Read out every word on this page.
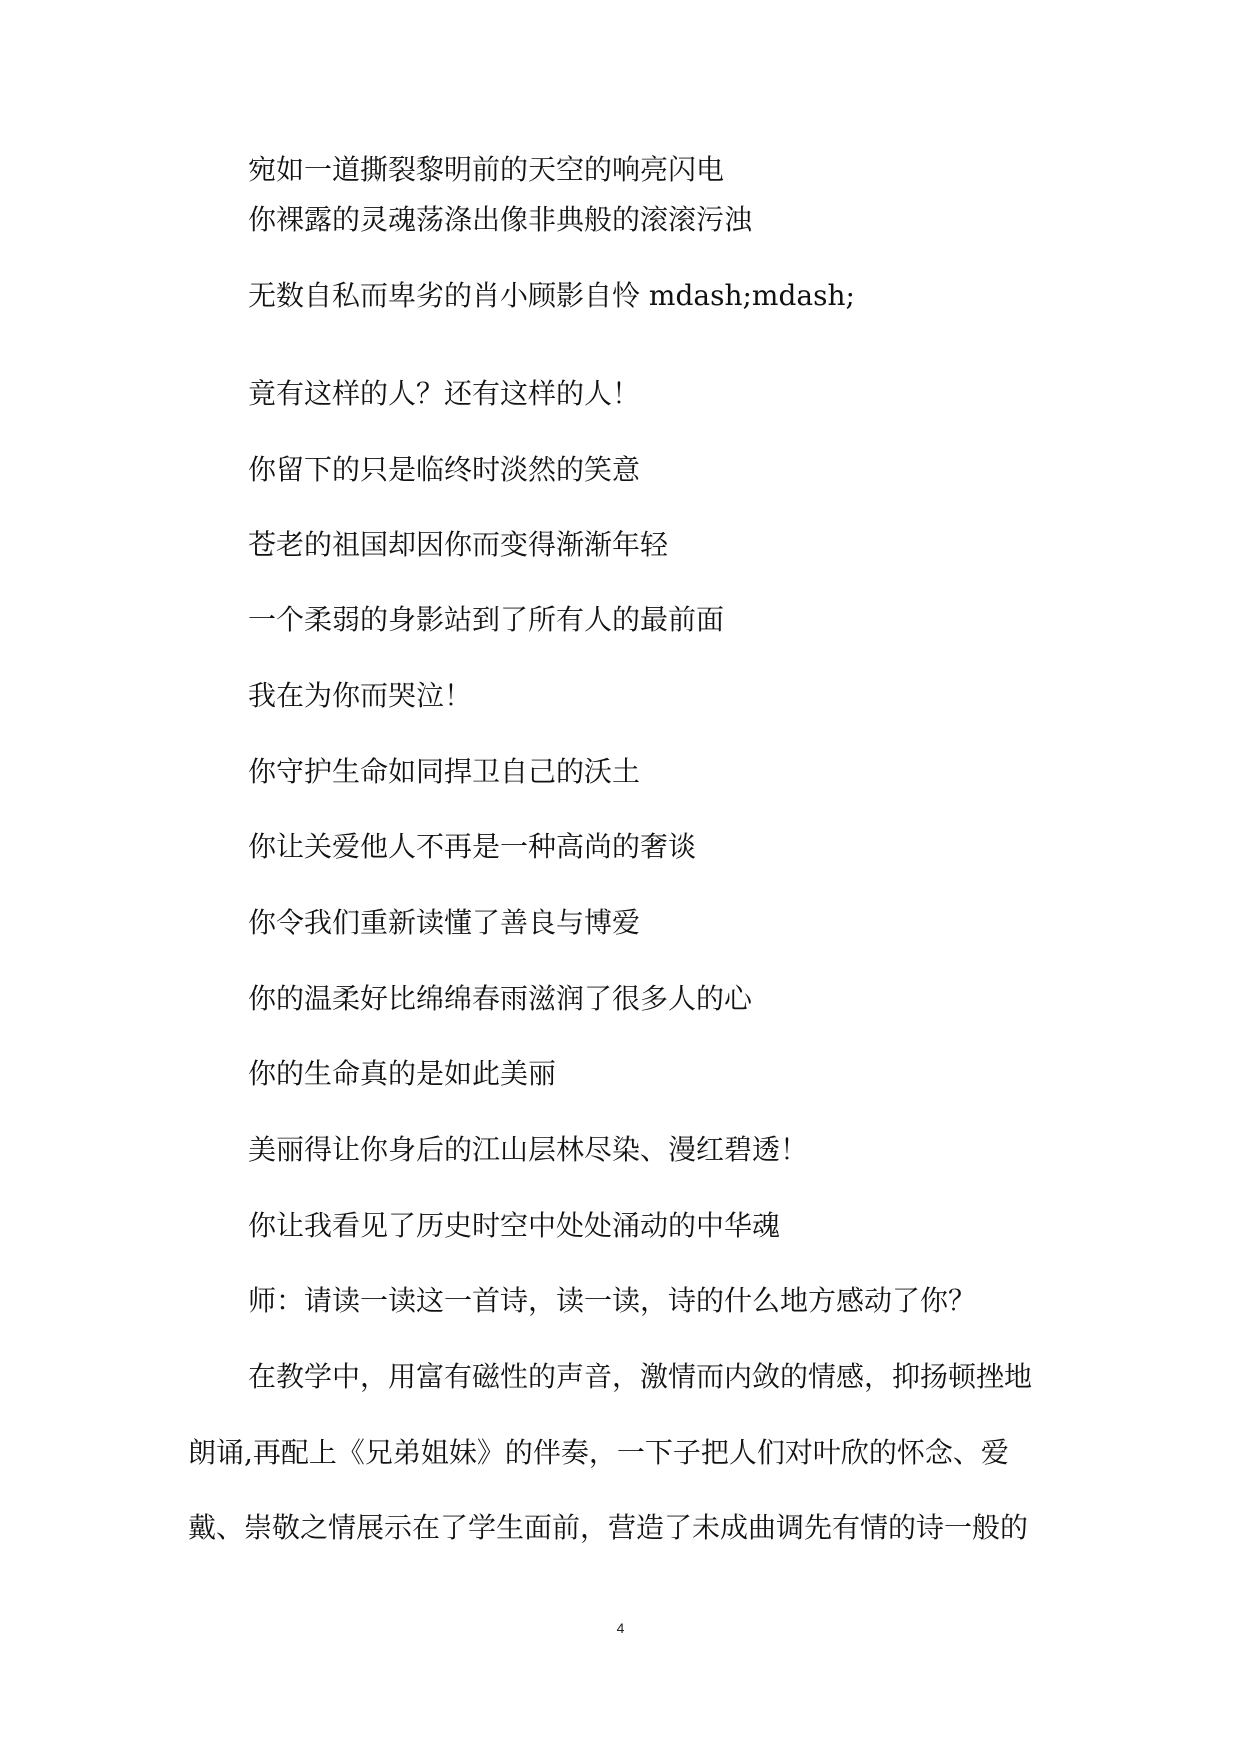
宛如一道撕裂黎明前的天空的响亮闪电
你裸露的灵魂荡涤出像非典般的滚滚污浊
无数自私而卑劣的肖小顾影自怜 mdash;mdash;
竟有这样的人？还有这样的人！
你留下的只是临终时淡然的笑意
苍老的祖国却因你而变得渐渐年轻
一个柔弱的身影站到了所有人的最前面
我在为你而哭泣！
你守护生命如同捍卫自己的沃土
你让关爱他人不再是一种高尚的奢谈
你令我们重新读懂了善良与博爱
你的温柔好比绵绵春雨滋润了很多人的心
你的生命真的是如此美丽
美丽得让你身后的江山层林尽染、漫红碧透！
你让我看见了历史时空中处处涌动的中华魂
师：请读一读这一首诗，读一读，诗的什么地方感动了你？
在教学中，用富有磁性的声音，激情而内敛的情感，抑扬顿挫地
朗诵,再配上《兄弟姐妹》的伴奏，一下子把人们对叶欣的怀念、爱
戴、崇敬之情展示在了学生面前，营造了未成曲调先有情的诗一般的
4
